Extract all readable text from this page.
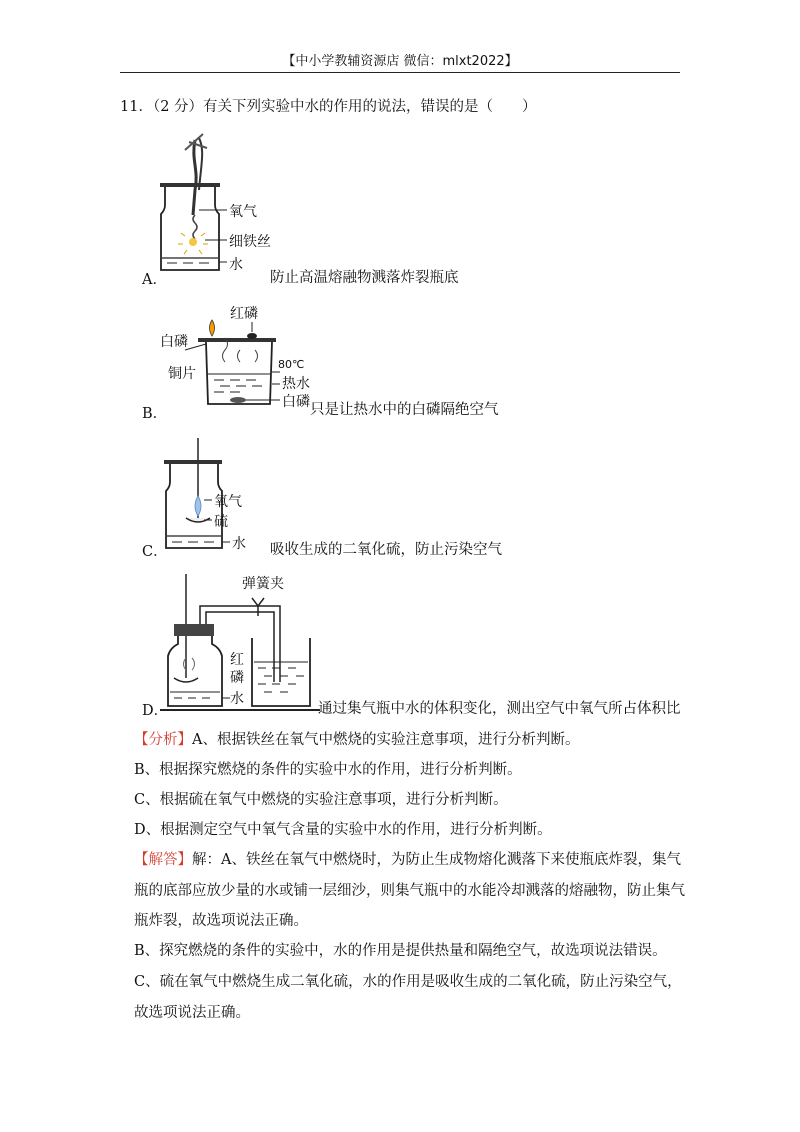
【中小学教辅资源店 微信：mlxt2022】
11．（2 分）有关下列实验中水的作用的说法，错误的是（　　）
氧气
细铁丝
水
A．	防止高温熔融物溅落炸裂瓶底
红磷
白磷
80℃
热水
白磷
铜片
B．	只是让热水中的白磷隔绝空气
氧气
硫
水
C．	吸收生成的二氧化硫，防止污染空气
弹簧夹
红
磷
水
D．	通过集气瓶中水的体积变化，测出空气中氧气所占体积比
【分析】A、根据铁丝在氧气中燃烧的实验注意事项，进行分析判断。
B、根据探究燃烧的条件的实验中水的作用，进行分析判断。
C、根据硫在氧气中燃烧的实验注意事项，进行分析判断。
D、根据测定空气中氧气含量的实验中水的作用，进行分析判断。
【解答】解：A、铁丝在氧气中燃烧时，为防止生成物熔化溅落下来使瓶底炸裂，集气
瓶的底部应放少量的水或铺一层细沙，则集气瓶中的水能冷却溅落的熔融物，防止集气
瓶炸裂，故选项说法正确。
B、探究燃烧的条件的实验中，水的作用是提供热量和隔绝空气，故选项说法错误。
C、硫在氧气中燃烧生成二氧化硫，水的作用是吸收生成的二氧化硫，防止污染空气，
故选项说法正确。
